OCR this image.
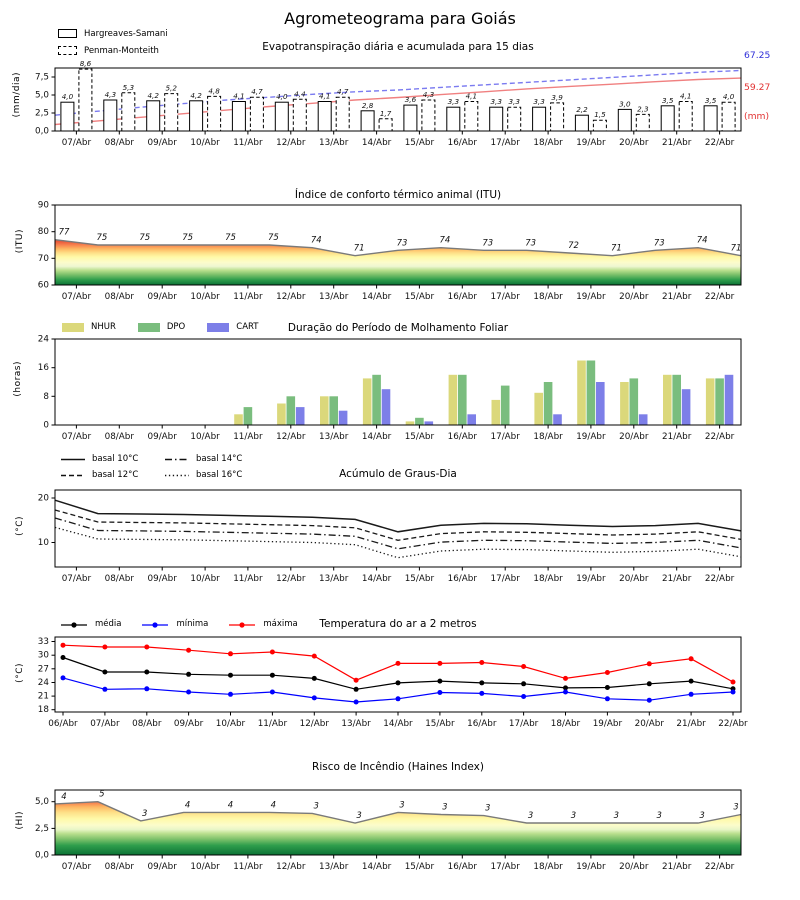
4,0	4,3	4,2	4,2	4,1	4,0	4,1
2,8
3,6	3,3	3,3	3,3
2,2
3,0	3,5	3,5
8,6
5,3	5,2	4,8	4,7	4,4	4,7
1,7
4,3	4,1
3,3	3,9
1,5
2,3
4,1	4,0
0,0
2,5
5,0
7,5
07/Abr 08/Abr 09/Abr 10/Abr 11/Abr 12/Abr 13/Abr 14/Abr 15/Abr 16/Abr 17/Abr 18/Abr 19/Abr 20/Abr 21/Abr 22/Abr
77
75	75	75	75	75	74
71
73	74	73	73	72	71
73	74
71
60
70
80
90
07/Abr 08/Abr 09/Abr 10/Abr 11/Abr 12/Abr 13/Abr 14/Abr 15/Abr 16/Abr 17/Abr 18/Abr 19/Abr 20/Abr 21/Abr 22/Abr
0
8
16
24
07/Abr 08/Abr 09/Abr 10/Abr 11/Abr 12/Abr 13/Abr 14/Abr 15/Abr 16/Abr 17/Abr 18/Abr 19/Abr 20/Abr 21/Abr 22/Abr
10
20
07/Abr 08/Abr 09/Abr 10/Abr 11/Abr 12/Abr 13/Abr 14/Abr 15/Abr 16/Abr 17/Abr 18/Abr 19/Abr 20/Abr 21/Abr 22/Abr
18
21
24
27
30
33
06/Abr 07/Abr 08/Abr 09/Abr 10/Abr 11/Abr 12/Abr 13/Abr 14/Abr 15/Abr 16/Abr 17/Abr 18/Abr 19/Abr 20/Abr 21/Abr 22/Abr
4	5
3
4	4	4	3
3
3	3	3
3	3	3	3	3
3
0,0
2,5
5,0
07/Abr 08/Abr 09/Abr 10/Abr 11/Abr 12/Abr 13/Abr 14/Abr 15/Abr 16/Abr 17/Abr 18/Abr 19/Abr 20/Abr 21/Abr 22/Abr
Agrometeograma para Goiás
Evapotranspiração diária e acumulada para 15 dias
Índice de conforto térmico animal (ITU)
Duração do Período de Molhamento Foliar
Acúmulo de Graus-Dia
Temperatura do ar a 2 metros
Risco de Incêndio (Haines Index)
Hargreaves-Samani
Penman-Monteith	67.25
59.27
(mm)
(mm/dia)
(ITU)
(horas)
(°C)
(°C)
(HI)
NHUR	DPO	CART
basal 10°C	basal 14°C
basal 12°C	basal 16°C
média	mínima	máxima
